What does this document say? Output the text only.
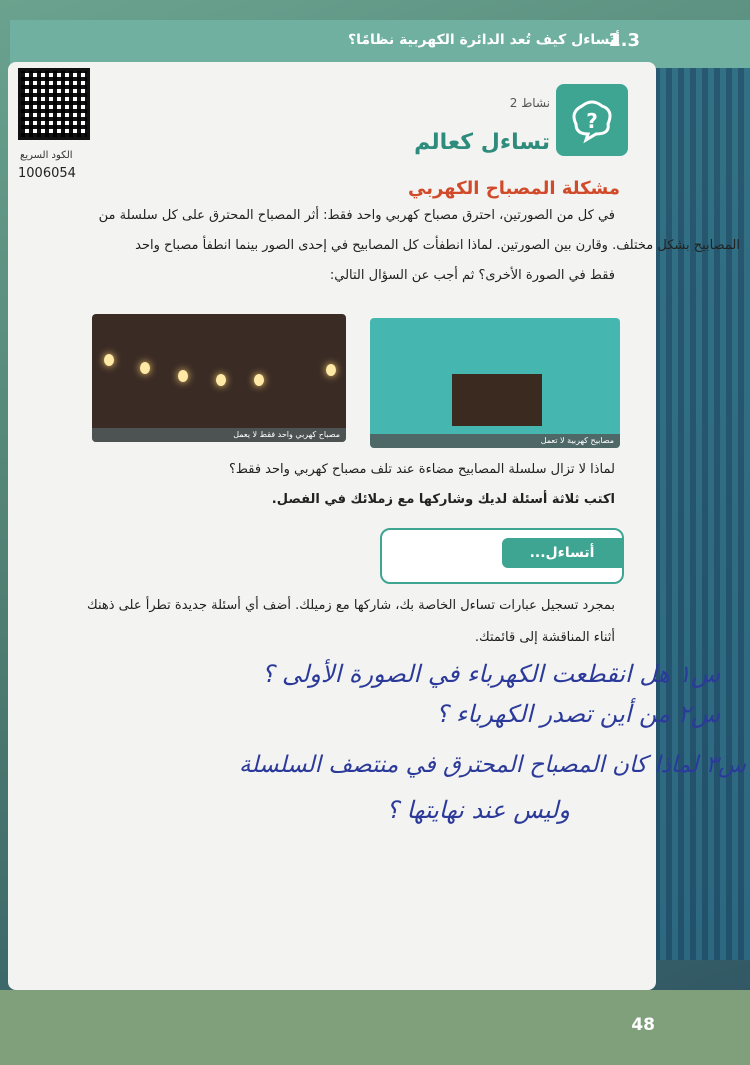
1.3
أتساءل كيف تُعد الدائرة الكهربية نظامًا؟
الكود السريع
1006054
?
نشاط 2
تساءل كعالم
مشكلة المصباح الكهربي
في كل من الصورتين، احترق مصباح كهربي واحد فقط: أثر المصباح المحترق على كل سلسلة من
المصابيح بشكل مختلف. وقارن بين الصورتين. لماذا انطفأت كل المصابيح في إحدى الصور بينما انطفأ مصباح واحد
فقط في الصورة الأخرى؟ ثم أجب عن السؤال التالي:
مصباح كهربي واحد فقط لا يعمل
مصابيح كهربية لا تعمل
لماذا لا تزال سلسلة المصابيح مضاءة عند تلف مصباح كهربي واحد فقط؟
اكتب ثلاثة أسئلة لديك وشاركها مع زملائك في الفصل.
أتساءل...
بمجرد تسجيل عبارات تساءل الخاصة بك، شاركها مع زميلك. أضف أي أسئلة جديدة تطرأ على ذهنك
أثناء المناقشة إلى قائمتك.
س١ هل انقطعت الكهرباء في الصورة الأولى ؟
س٢ من أين تصدر الكهرباء ؟
س٣ لماذا كان المصباح المحترق في منتصف السلسلة
وليس عند نهايتها ؟
48
